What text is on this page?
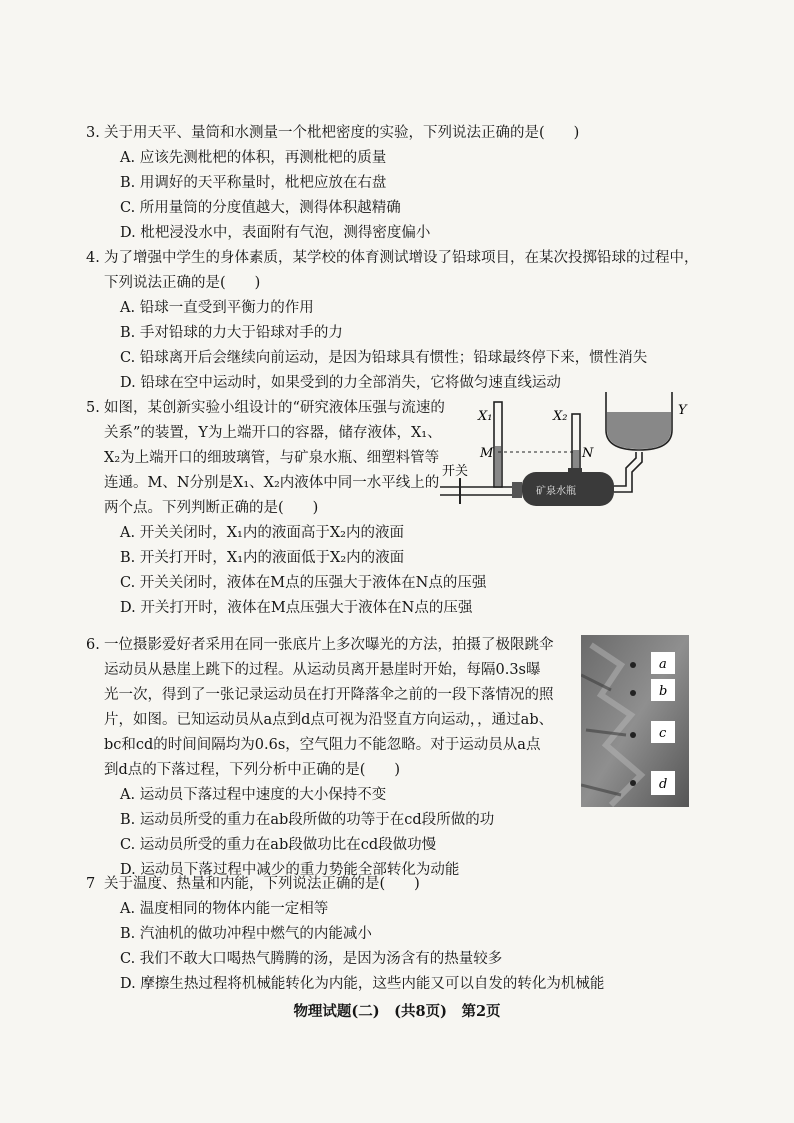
3. 关于用天平、量筒和水测量一个枇杷密度的实验，下列说法正确的是(　　)

A. 应该先测枇杷的体积，再测枇杷的质量

B. 用调好的天平称量时，枇杷应放在右盘

C. 所用量筒的分度值越大，测得体积越精确

D. 枇杷浸没水中，表面附有气泡，测得密度偏小

4. 为了增强中学生的身体素质，某学校的体育测试增设了铅球项目，在某次投掷铅球的过程中，下列说法正确的是(　　)

A. 铅球一直受到平衡力的作用

B. 手对铅球的力大于铅球对手的力

C. 铅球离开后会继续向前运动，是因为铅球具有惯性；铅球最终停下来，惯性消失

D. 铅球在空中运动时，如果受到的力全部消失，它将做匀速直线运动

5. 如图，某创新实验小组设计的“研究液体压强与流速的关系”的装置，Y为上端开口的容器，储存液体，X₁、X₂为上端开口的细玻璃管，与矿泉水瓶、细塑料管等连通。M、N分别是X₁、X₂内液体中同一水平线上的两个点。下列判断正确的是(　　)

A. 开关关闭时，X₁内的液面高于X₂内的液面

B. 开关打开时，X₁内的液面低于X₂内的液面

C. 开关关闭时，液体在M点的压强大于液体在N点的压强

D. 开关打开时，液体在M点压强大于液体在N点的压强

X₁	X₂	Y
M	N
开关
矿泉水瓶

6. 一位摄影爱好者采用在同一张底片上多次曝光的方法，拍摄了极限跳伞运动员从悬崖上跳下的过程。从运动员离开悬崖时开始，每隔0.3s曝光一次，得到了一张记录运动员在打开降落伞之前的一段下落情况的照片，如图。已知运动员从a点到d点可视为沿竖直方向运动，，通过ab、bc和cd的时间间隔均为0.6s，空气阻力不能忽略。对于运动员从a点到d点的下落过程，下列分析中正确的是(　　)

A. 运动员下落过程中速度的大小保持不变

B. 运动员所受的重力在ab段所做的功等于在cd段所做的功

C. 运动员所受的重力在ab段做功比在cd段做功慢

D. 运动员下落过程中减少的重力势能全部转化为动能

a
b
c
d

7 关于温度、热量和内能，下列说法正确的是(　　)

A. 温度相同的物体内能一定相等

B. 汽油机的做功冲程中燃气的内能减小

C. 我们不敢大口喝热气腾腾的汤，是因为汤含有的热量较多

D. 摩擦生热过程将机械能转化为内能，这些内能又可以自发的转化为机械能

物理试题(二)　(共8页)　第2页
